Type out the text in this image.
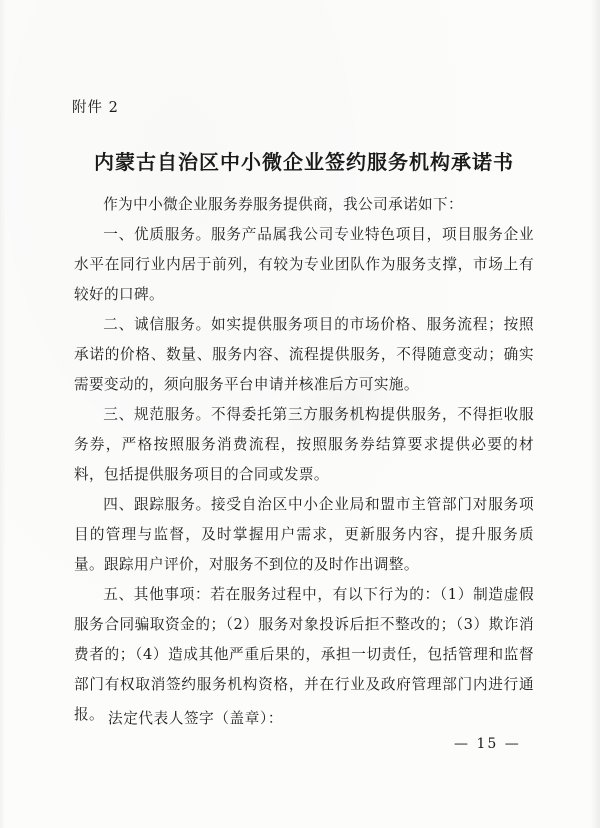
附件 2
内蒙古自治区中小微企业签约服务机构承诺书

作为中小微企业服务券服务提供商，我公司承诺如下：

一、优质服务。服务产品属我公司专业特色项目，项目服务企业水平在同行业内居于前列，有较为专业团队作为服务支撑，市场上有较好的口碑。

二、诚信服务。如实提供服务项目的市场价格、服务流程；按照承诺的价格、数量、服务内容、流程提供服务，不得随意变动；确实需要变动的，须向服务平台申请并核准后方可实施。

三、规范服务。不得委托第三方服务机构提供服务，不得拒收服务券，严格按照服务消费流程，按照服务券结算要求提供必要的材料，包括提供服务项目的合同或发票。

四、跟踪服务。接受自治区中小企业局和盟市主管部门对服务项目的管理与监督，及时掌握用户需求，更新服务内容，提升服务质量。跟踪用户评价，对服务不到位的及时作出调整。

五、其他事项：若在服务过程中，有以下行为的：（1）制造虚假服务合同骗取资金的；（2）服务对象投诉后拒不整改的；（3）欺诈消费者的；（4）造成其他严重后果的，承担一切责任，包括管理和监督部门有权取消签约服务机构资格，并在行业及政府管理部门内进行通报。 法定代表人签字（盖章）：
— 15 —
